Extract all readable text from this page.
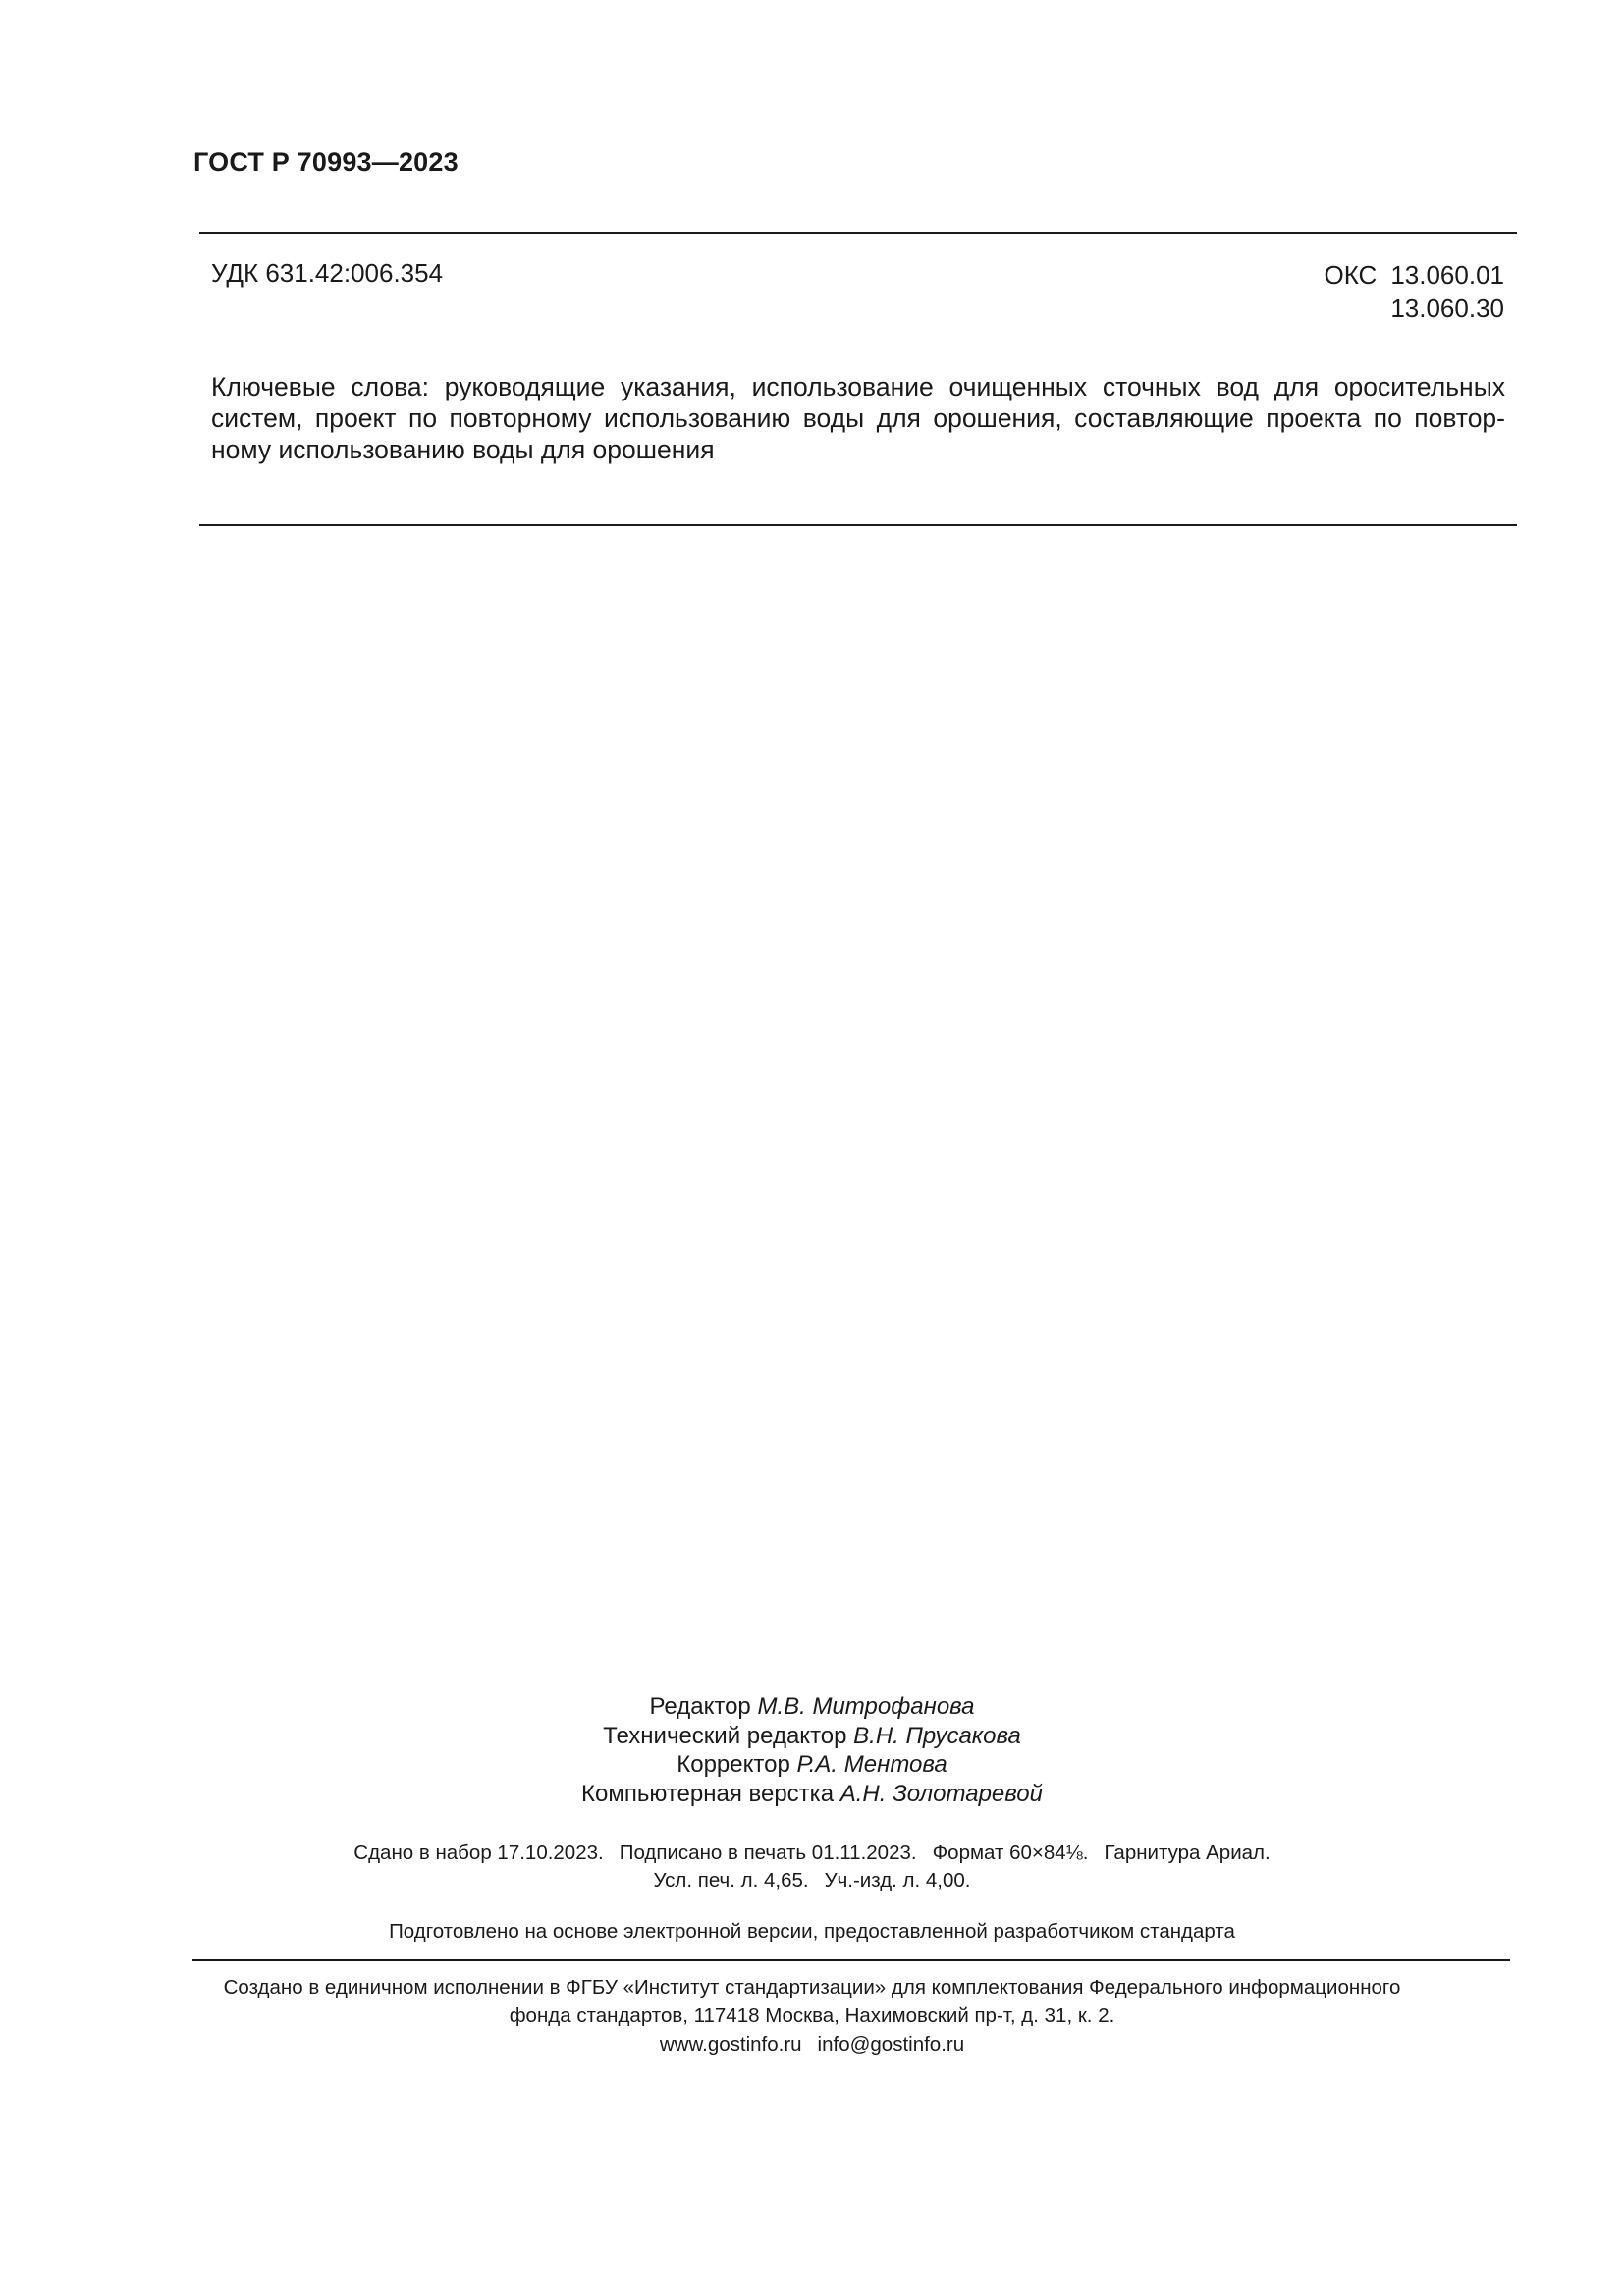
ГОСТ Р 70993—2023
УДК 631.42:006.354	ОКС 13.060.01
13.060.30
Ключевые слова: руководящие указания, использование очищенных сточных вод для оросительных систем, проект по повторному использованию воды для орошения, составляющие проекта по повтор-ному использованию воды для орошения
Редактор М.В. Митрофанова
Технический редактор В.Н. Прусакова
Корректор Р.А. Ментова
Компьютерная верстка А.Н. Золотаревой
Сдано в набор 17.10.2023. Подписано в печать 01.11.2023. Формат 60×84⅛. Гарнитура Ариал.
Усл. печ. л. 4,65. Уч.-изд. л. 4,00.
Подготовлено на основе электронной версии, предоставленной разработчиком стандарта
Создано в единичном исполнении в ФГБУ «Институт стандартизации» для комплектования Федерального информационного
фонда стандартов, 117418 Москва, Нахимовский пр-т, д. 31, к. 2.
www.gostinfo.ru info@gostinfo.ru
